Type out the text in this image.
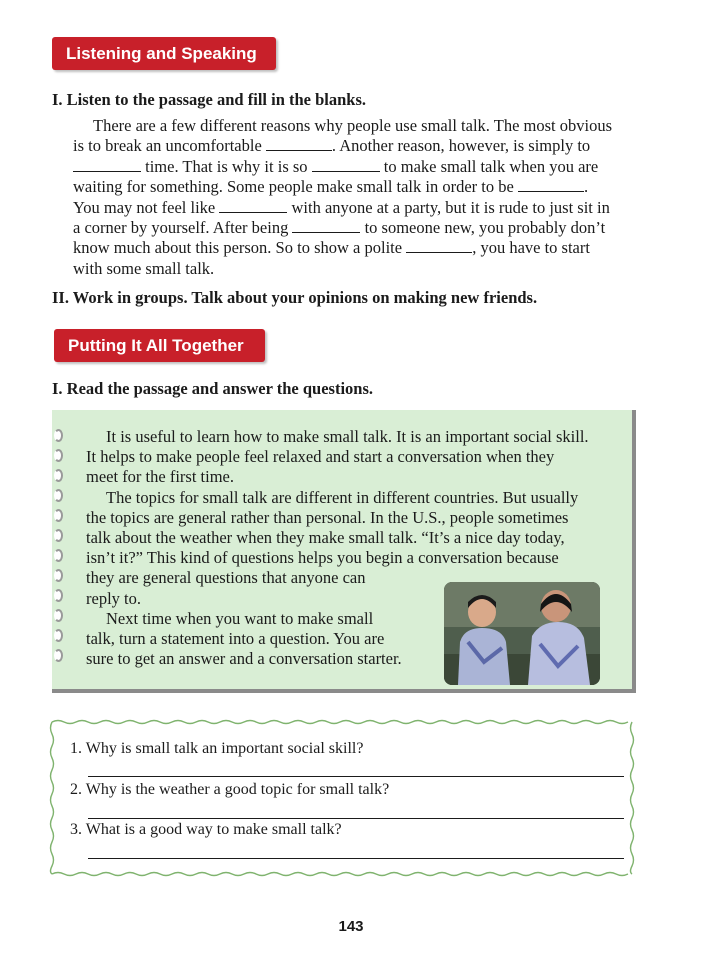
Listening and Speaking
I. Listen to the passage and fill in the blanks.
There are a few different reasons why people use small talk. The most obvious
is to break an uncomfortable	. Another reason, however, is simply to
time. That is why it is so	to make small talk when you are
waiting for something. Some people make small talk in order to be	.
You may not feel like	with anyone at a party, but it is rude to just sit in
a corner by yourself. After being	to someone new, you probably don’t
know much about this person. So to show a polite	, you have to start
with some small talk.
II. Work in groups. Talk about your opinions on making new friends.
Putting It All Together
I. Read the passage and answer the questions.
It is useful to learn how to make small talk. It is an important social skill.
It helps to make people feel relaxed and start a conversation when they
meet for the first time.
The topics for small talk are different in different countries. But usually
the topics are general rather than personal. In the U.S., people sometimes
talk about the weather when they make small talk. “It’s a nice day today,
isn’t it?” This kind of questions helps you begin a conversation because
they are general questions that anyone can
reply to.
Next time when you want to make small
talk, turn a statement into a question. You are
sure to get an answer and a conversation starter.
1. Why is small talk an important social skill?
2. Why is the weather a good topic for small talk?
3. What is a good way to make small talk?
143
